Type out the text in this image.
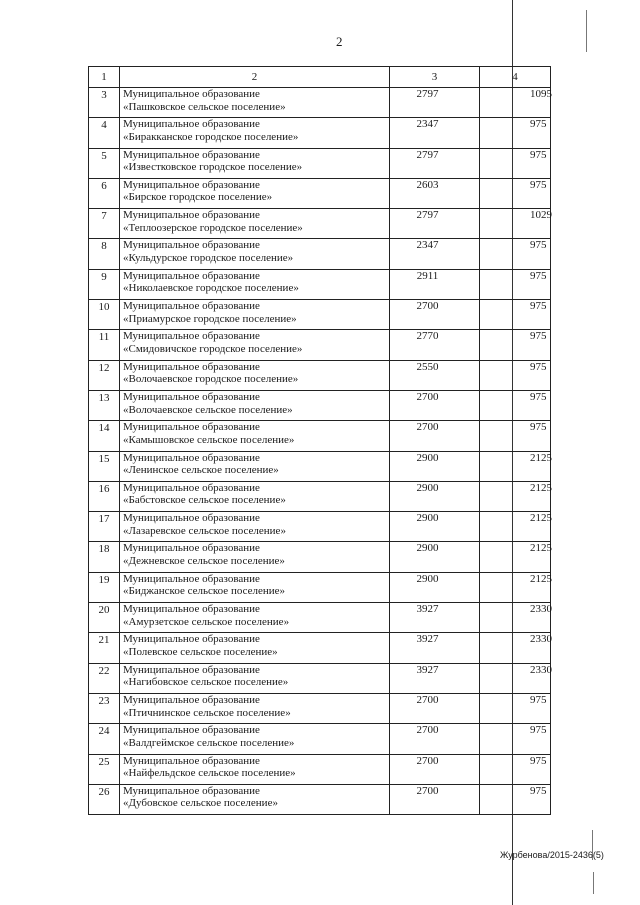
2
1	2	3	4
3	Муниципальное образование
«Пашковское сельское поселение»	2797	1095
4	Муниципальное образование
«Биракканское городское поселение»	2347	975
5	Муниципальное образование
«Известковское городское поселение»	2797	975
6	Муниципальное образование
«Бирское городское поселение»	2603	975
7	Муниципальное образование
«Теплоозерское городское поселение»	2797	1029
8	Муниципальное образование
«Кульдурское городское поселение»	2347	975
9	Муниципальное образование
«Николаевское городское поселение»	2911	975
10	Муниципальное образование
«Приамурское городское поселение»	2700	975
11	Муниципальное образование
«Смидовичское городское поселение»	2770	975
12	Муниципальное образование
«Волочаевское городское поселение»	2550	975
13	Муниципальное образование
«Волочаевское сельское поселение»	2700	975
14	Муниципальное образование
«Камышовское сельское поселение»	2700	975
15	Муниципальное образование
«Ленинское сельское поселение»	2900	2125
16	Муниципальное образование
«Бабстовское сельское поселение»	2900	2125
17	Муниципальное образование
«Лазаревское сельское поселение»	2900	2125
18	Муниципальное образование
«Дежневское сельское поселение»	2900	2125
19	Муниципальное образование
«Биджанское сельское поселение»	2900	2125
20	Муниципальное образование
«Амурзетское сельское поселение»	3927	2330
21	Муниципальное образование
«Полевское сельское поселение»	3927	2330
22	Муниципальное образование
«Нагибовское сельское поселение»	3927	2330
23	Муниципальное образование
«Птичнинское сельское поселение»	2700	975
24	Муниципальное образование
«Валдгеймское сельское поселение»	2700	975
25	Муниципальное образование
«Найфельдское сельское поселение»	2700	975
26	Муниципальное образование
«Дубовское сельское поселение»	2700	975
Журбенова/2015-2436(5)
